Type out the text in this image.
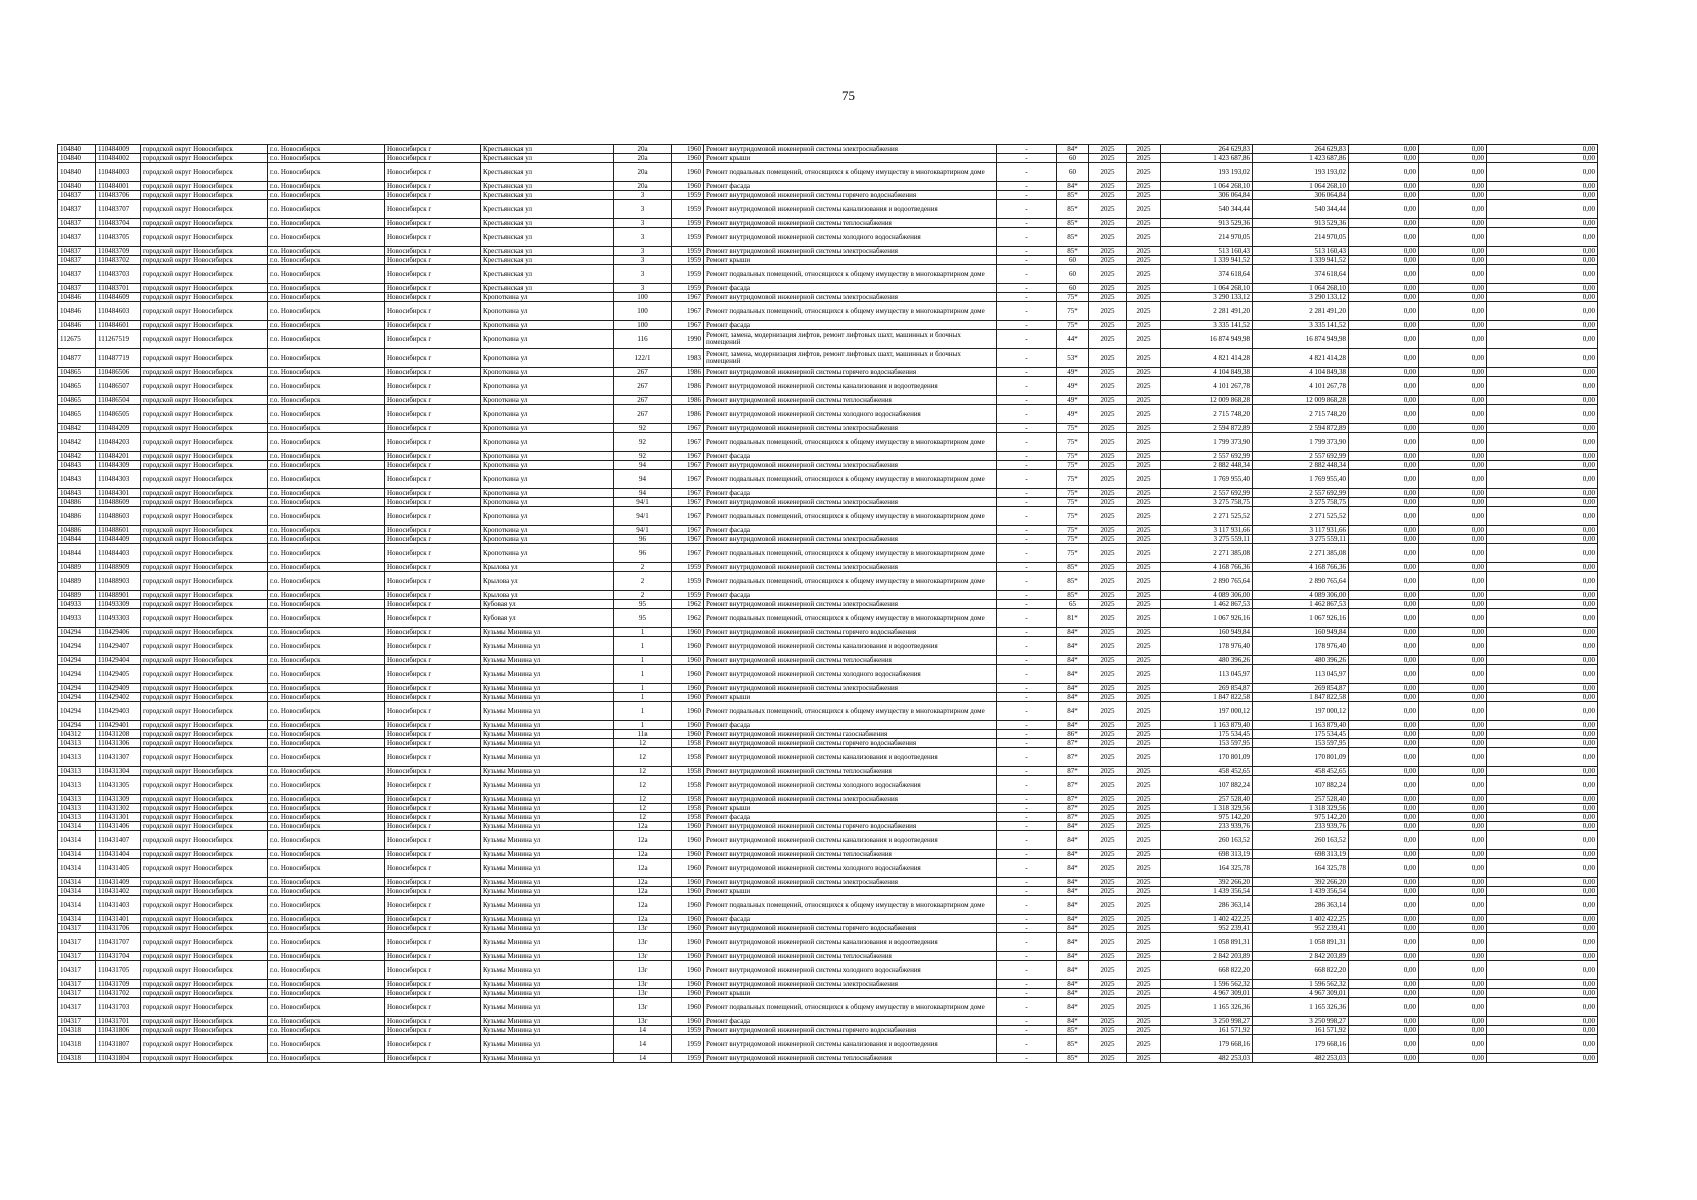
75
104840	110484009	городской округ Новосибирск	г.о. Новосибирск	Новосибирск г	Крестьянская ул	20а	1960	Ремонт внутридомовой инженерной системы электроснабжения	-	84*	2025	2025	264 629,83	264 629,83	0,00	0,00	0,00
104840	110484002	городской округ Новосибирск	г.о. Новосибирск	Новосибирск г	Крестьянская ул	20а	1960	Ремонт крыши	-	60	2025	2025	1 423 687,86	1 423 687,86	0,00	0,00	0,00
104840	110484003	городской округ Новосибирск	г.о. Новосибирск	Новосибирск г	Крестьянская ул	20а	1960	Ремонт подвальных помещений, относящихся к общему имуществу в многоквартирном доме	-	60	2025	2025	193 193,02	193 193,02	0,00	0,00	0,00
104840	110484001	городской округ Новосибирск	г.о. Новосибирск	Новосибирск г	Крестьянская ул	20а	1960	Ремонт фасада	-	84*	2025	2025	1 064 268,10	1 064 268,10	0,00	0,00	0,00
104837	110483706	городской округ Новосибирск	г.о. Новосибирск	Новосибирск г	Крестьянская ул	3	1959	Ремонт внутридомовой инженерной системы горячего водоснабжения	-	85*	2025	2025	306 064,84	306 064,84	0,00	0,00	0,00
104837	110483707	городской округ Новосибирск	г.о. Новосибирск	Новосибирск г	Крестьянская ул	3	1959	Ремонт внутридомовой инженерной системы канализования и водоотведения	-	85*	2025	2025	540 344,44	540 344,44	0,00	0,00	0,00
104837	110483704	городской округ Новосибирск	г.о. Новосибирск	Новосибирск г	Крестьянская ул	3	1959	Ремонт внутридомовой инженерной системы теплоснабжения	-	85*	2025	2025	913 529,36	913 529,36	0,00	0,00	0,00
104837	110483705	городской округ Новосибирск	г.о. Новосибирск	Новосибирск г	Крестьянская ул	3	1959	Ремонт внутридомовой инженерной системы холодного водоснабжения	-	85*	2025	2025	214 970,05	214 970,05	0,00	0,00	0,00
104837	110483709	городской округ Новосибирск	г.о. Новосибирск	Новосибирск г	Крестьянская ул	3	1959	Ремонт внутридомовой инженерной системы электроснабжения	-	85*	2025	2025	513 160,43	513 160,43	0,00	0,00	0,00
104837	110483702	городской округ Новосибирск	г.о. Новосибирск	Новосибирск г	Крестьянская ул	3	1959	Ремонт крыши	-	60	2025	2025	1 339 941,52	1 339 941,52	0,00	0,00	0,00
104837	110483703	городской округ Новосибирск	г.о. Новосибирск	Новосибирск г	Крестьянская ул	3	1959	Ремонт подвальных помещений, относящихся к общему имуществу в многоквартирном доме	-	60	2025	2025	374 618,64	374 618,64	0,00	0,00	0,00
104837	110483701	городской округ Новосибирск	г.о. Новосибирск	Новосибирск г	Крестьянская ул	3	1959	Ремонт фасада	-	60	2025	2025	1 064 268,10	1 064 268,10	0,00	0,00	0,00
104846	110484609	городской округ Новосибирск	г.о. Новосибирск	Новосибирск г	Кропоткина ул	100	1967	Ремонт внутридомовой инженерной системы электроснабжения	-	75*	2025	2025	3 290 133,12	3 290 133,12	0,00	0,00	0,00
104846	110484603	городской округ Новосибирск	г.о. Новосибирск	Новосибирск г	Кропоткина ул	100	1967	Ремонт подвальных помещений, относящихся к общему имуществу в многоквартирном доме	-	75*	2025	2025	2 281 491,20	2 281 491,20	0,00	0,00	0,00
104846	110484601	городской округ Новосибирск	г.о. Новосибирск	Новосибирск г	Кропоткина ул	100	1967	Ремонт фасада	-	75*	2025	2025	3 335 141,52	3 335 141,52	0,00	0,00	0,00
112675	111267519	городской округ Новосибирск	г.о. Новосибирск	Новосибирск г	Кропоткина ул	116	1990	Ремонт, замена, модернизация лифтов, ремонт лифтовых шахт, машинных и блочных помещений	-	44*	2025	2025	16 874 949,98	16 874 949,98	0,00	0,00	0,00
104877	110487719	городской округ Новосибирск	г.о. Новосибирск	Новосибирск г	Кропоткина ул	122/1	1983	Ремонт, замена, модернизация лифтов, ремонт лифтовых шахт, машинных и блочных помещений	-	53*	2025	2025	4 821 414,28	4 821 414,28	0,00	0,00	0,00
104865	110486506	городской округ Новосибирск	г.о. Новосибирск	Новосибирск г	Кропоткина ул	267	1986	Ремонт внутридомовой инженерной системы горячего водоснабжения	-	49*	2025	2025	4 104 849,38	4 104 849,38	0,00	0,00	0,00
104865	110486507	городской округ Новосибирск	г.о. Новосибирск	Новосибирск г	Кропоткина ул	267	1986	Ремонт внутридомовой инженерной системы канализования и водоотведения	-	49*	2025	2025	4 101 267,78	4 101 267,78	0,00	0,00	0,00
104865	110486504	городской округ Новосибирск	г.о. Новосибирск	Новосибирск г	Кропоткина ул	267	1986	Ремонт внутридомовой инженерной системы теплоснабжения	-	49*	2025	2025	12 009 868,28	12 009 868,28	0,00	0,00	0,00
104865	110486505	городской округ Новосибирск	г.о. Новосибирск	Новосибирск г	Кропоткина ул	267	1986	Ремонт внутридомовой инженерной системы холодного водоснабжения	-	49*	2025	2025	2 715 748,20	2 715 748,20	0,00	0,00	0,00
104842	110484209	городской округ Новосибирск	г.о. Новосибирск	Новосибирск г	Кропоткина ул	92	1967	Ремонт внутридомовой инженерной системы электроснабжения	-	75*	2025	2025	2 594 872,89	2 594 872,89	0,00	0,00	0,00
104842	110484203	городской округ Новосибирск	г.о. Новосибирск	Новосибирск г	Кропоткина ул	92	1967	Ремонт подвальных помещений, относящихся к общему имуществу в многоквартирном доме	-	75*	2025	2025	1 799 373,90	1 799 373,90	0,00	0,00	0,00
104842	110484201	городской округ Новосибирск	г.о. Новосибирск	Новосибирск г	Кропоткина ул	92	1967	Ремонт фасада	-	75*	2025	2025	2 557 692,99	2 557 692,99	0,00	0,00	0,00
104843	110484309	городской округ Новосибирск	г.о. Новосибирск	Новосибирск г	Кропоткина ул	94	1967	Ремонт внутридомовой инженерной системы электроснабжения	-	75*	2025	2025	2 882 448,34	2 882 448,34	0,00	0,00	0,00
104843	110484303	городской округ Новосибирск	г.о. Новосибирск	Новосибирск г	Кропоткина ул	94	1967	Ремонт подвальных помещений, относящихся к общему имуществу в многоквартирном доме	-	75*	2025	2025	1 769 955,40	1 769 955,40	0,00	0,00	0,00
104843	110484301	городской округ Новосибирск	г.о. Новосибирск	Новосибирск г	Кропоткина ул	94	1967	Ремонт фасада	-	75*	2025	2025	2 557 692,99	2 557 692,99	0,00	0,00	0,00
104886	110488609	городской округ Новосибирск	г.о. Новосибирск	Новосибирск г	Кропоткина ул	94/1	1967	Ремонт внутридомовой инженерной системы электроснабжения	-	75*	2025	2025	3 275 758,75	3 275 758,75	0,00	0,00	0,00
104886	110488603	городской округ Новосибирск	г.о. Новосибирск	Новосибирск г	Кропоткина ул	94/1	1967	Ремонт подвальных помещений, относящихся к общему имуществу в многоквартирном доме	-	75*	2025	2025	2 271 525,52	2 271 525,52	0,00	0,00	0,00
104886	110488601	городской округ Новосибирск	г.о. Новосибирск	Новосибирск г	Кропоткина ул	94/1	1967	Ремонт фасада	-	75*	2025	2025	3 117 931,66	3 117 931,66	0,00	0,00	0,00
104844	110484409	городской округ Новосибирск	г.о. Новосибирск	Новосибирск г	Кропоткина ул	96	1967	Ремонт внутридомовой инженерной системы электроснабжения	-	75*	2025	2025	3 275 559,11	3 275 559,11	0,00	0,00	0,00
104844	110484403	городской округ Новосибирск	г.о. Новосибирск	Новосибирск г	Кропоткина ул	96	1967	Ремонт подвальных помещений, относящихся к общему имуществу в многоквартирном доме	-	75*	2025	2025	2 271 385,08	2 271 385,08	0,00	0,00	0,00
104889	110488909	городской округ Новосибирск	г.о. Новосибирск	Новосибирск г	Крылова ул	2	1959	Ремонт внутридомовой инженерной системы электроснабжения	-	85*	2025	2025	4 168 766,36	4 168 766,36	0,00	0,00	0,00
104889	110488903	городской округ Новосибирск	г.о. Новосибирск	Новосибирск г	Крылова ул	2	1959	Ремонт подвальных помещений, относящихся к общему имуществу в многоквартирном доме	-	85*	2025	2025	2 890 765,64	2 890 765,64	0,00	0,00	0,00
104889	110488901	городской округ Новосибирск	г.о. Новосибирск	Новосибирск г	Крылова ул	2	1959	Ремонт фасада	-	85*	2025	2025	4 089 306,00	4 089 306,00	0,00	0,00	0,00
104933	110493309	городской округ Новосибирск	г.о. Новосибирск	Новосибирск г	Кубовая ул	95	1962	Ремонт внутридомовой инженерной системы электроснабжения	-	65	2025	2025	1 462 867,53	1 462 867,53	0,00	0,00	0,00
104933	110493303	городской округ Новосибирск	г.о. Новосибирск	Новосибирск г	Кубовая ул	95	1962	Ремонт подвальных помещений, относящихся к общему имуществу в многоквартирном доме	-	81*	2025	2025	1 067 926,16	1 067 926,16	0,00	0,00	0,00
104294	110429406	городской округ Новосибирск	г.о. Новосибирск	Новосибирск г	Кузьмы Минина ул	1	1960	Ремонт внутридомовой инженерной системы горячего водоснабжения	-	84*	2025	2025	160 949,84	160 949,84	0,00	0,00	0,00
104294	110429407	городской округ Новосибирск	г.о. Новосибирск	Новосибирск г	Кузьмы Минина ул	1	1960	Ремонт внутридомовой инженерной системы канализования и водоотведения	-	84*	2025	2025	178 976,40	178 976,40	0,00	0,00	0,00
104294	110429404	городской округ Новосибирск	г.о. Новосибирск	Новосибирск г	Кузьмы Минина ул	1	1960	Ремонт внутридомовой инженерной системы теплоснабжения	-	84*	2025	2025	480 396,26	480 396,26	0,00	0,00	0,00
104294	110429405	городской округ Новосибирск	г.о. Новосибирск	Новосибирск г	Кузьмы Минина ул	1	1960	Ремонт внутридомовой инженерной системы холодного водоснабжения	-	84*	2025	2025	113 045,97	113 045,97	0,00	0,00	0,00
104294	110429409	городской округ Новосибирск	г.о. Новосибирск	Новосибирск г	Кузьмы Минина ул	1	1960	Ремонт внутридомовой инженерной системы электроснабжения	-	84*	2025	2025	269 854,87	269 854,87	0,00	0,00	0,00
104294	110429402	городской округ Новосибирск	г.о. Новосибирск	Новосибирск г	Кузьмы Минина ул	1	1960	Ремонт крыши	-	84*	2025	2025	1 847 822,58	1 847 822,58	0,00	0,00	0,00
104294	110429403	городской округ Новосибирск	г.о. Новосибирск	Новосибирск г	Кузьмы Минина ул	1	1960	Ремонт подвальных помещений, относящихся к общему имуществу в многоквартирном доме	-	84*	2025	2025	197 000,12	197 000,12	0,00	0,00	0,00
104294	110429401	городской округ Новосибирск	г.о. Новосибирск	Новосибирск г	Кузьмы Минина ул	1	1960	Ремонт фасада	-	84*	2025	2025	1 163 879,40	1 163 879,40	0,00	0,00	0,00
104312	110431208	городской округ Новосибирск	г.о. Новосибирск	Новосибирск г	Кузьмы Минина ул	11в	1960	Ремонт внутридомовой инженерной системы газоснабжения	-	86*	2025	2025	175 534,45	175 534,45	0,00	0,00	0,00
104313	110431306	городской округ Новосибирск	г.о. Новосибирск	Новосибирск г	Кузьмы Минина ул	12	1958	Ремонт внутридомовой инженерной системы горячего водоснабжения	-	87*	2025	2025	153 597,95	153 597,95	0,00	0,00	0,00
104313	110431307	городской округ Новосибирск	г.о. Новосибирск	Новосибирск г	Кузьмы Минина ул	12	1958	Ремонт внутридомовой инженерной системы канализования и водоотведения	-	87*	2025	2025	170 801,09	170 801,09	0,00	0,00	0,00
104313	110431304	городской округ Новосибирск	г.о. Новосибирск	Новосибирск г	Кузьмы Минина ул	12	1958	Ремонт внутридомовой инженерной системы теплоснабжения	-	87*	2025	2025	458 452,65	458 452,65	0,00	0,00	0,00
104313	110431305	городской округ Новосибирск	г.о. Новосибирск	Новосибирск г	Кузьмы Минина ул	12	1958	Ремонт внутридомовой инженерной системы холодного водоснабжения	-	87*	2025	2025	107 882,24	107 882,24	0,00	0,00	0,00
104313	110431309	городской округ Новосибирск	г.о. Новосибирск	Новосибирск г	Кузьмы Минина ул	12	1958	Ремонт внутридомовой инженерной системы электроснабжения	-	87*	2025	2025	257 528,40	257 528,40	0,00	0,00	0,00
104313	110431302	городской округ Новосибирск	г.о. Новосибирск	Новосибирск г	Кузьмы Минина ул	12	1958	Ремонт крыши	-	87*	2025	2025	1 318 329,56	1 318 329,56	0,00	0,00	0,00
104313	110431301	городской округ Новосибирск	г.о. Новосибирск	Новосибирск г	Кузьмы Минина ул	12	1958	Ремонт фасада	-	87*	2025	2025	975 142,20	975 142,20	0,00	0,00	0,00
104314	110431406	городской округ Новосибирск	г.о. Новосибирск	Новосибирск г	Кузьмы Минина ул	12а	1960	Ремонт внутридомовой инженерной системы горячего водоснабжения	-	84*	2025	2025	233 939,76	233 939,76	0,00	0,00	0,00
104314	110431407	городской округ Новосибирск	г.о. Новосибирск	Новосибирск г	Кузьмы Минина ул	12а	1960	Ремонт внутридомовой инженерной системы канализования и водоотведения	-	84*	2025	2025	260 163,52	260 163,52	0,00	0,00	0,00
104314	110431404	городской округ Новосибирск	г.о. Новосибирск	Новосибирск г	Кузьмы Минина ул	12а	1960	Ремонт внутридомовой инженерной системы теплоснабжения	-	84*	2025	2025	698 313,19	698 313,19	0,00	0,00	0,00
104314	110431405	городской округ Новосибирск	г.о. Новосибирск	Новосибирск г	Кузьмы Минина ул	12а	1960	Ремонт внутридомовой инженерной системы холодного водоснабжения	-	84*	2025	2025	164 325,78	164 325,78	0,00	0,00	0,00
104314	110431409	городской округ Новосибирск	г.о. Новосибирск	Новосибирск г	Кузьмы Минина ул	12а	1960	Ремонт внутридомовой инженерной системы электроснабжения	-	84*	2025	2025	392 266,20	392 266,20	0,00	0,00	0,00
104314	110431402	городской округ Новосибирск	г.о. Новосибирск	Новосибирск г	Кузьмы Минина ул	12а	1960	Ремонт крыши	-	84*	2025	2025	1 439 356,54	1 439 356,54	0,00	0,00	0,00
104314	110431403	городской округ Новосибирск	г.о. Новосибирск	Новосибирск г	Кузьмы Минина ул	12а	1960	Ремонт подвальных помещений, относящихся к общему имуществу в многоквартирном доме	-	84*	2025	2025	286 363,14	286 363,14	0,00	0,00	0,00
104314	110431401	городской округ Новосибирск	г.о. Новосибирск	Новосибирск г	Кузьмы Минина ул	12а	1960	Ремонт фасада	-	84*	2025	2025	1 402 422,25	1 402 422,25	0,00	0,00	0,00
104317	110431706	городской округ Новосибирск	г.о. Новосибирск	Новосибирск г	Кузьмы Минина ул	13г	1960	Ремонт внутридомовой инженерной системы горячего водоснабжения	-	84*	2025	2025	952 239,41	952 239,41	0,00	0,00	0,00
104317	110431707	городской округ Новосибирск	г.о. Новосибирск	Новосибирск г	Кузьмы Минина ул	13г	1960	Ремонт внутридомовой инженерной системы канализования и водоотведения	-	84*	2025	2025	1 058 891,31	1 058 891,31	0,00	0,00	0,00
104317	110431704	городской округ Новосибирск	г.о. Новосибирск	Новосибирск г	Кузьмы Минина ул	13г	1960	Ремонт внутридомовой инженерной системы теплоснабжения	-	84*	2025	2025	2 842 203,89	2 842 203,89	0,00	0,00	0,00
104317	110431705	городской округ Новосибирск	г.о. Новосибирск	Новосибирск г	Кузьмы Минина ул	13г	1960	Ремонт внутридомовой инженерной системы холодного водоснабжения	-	84*	2025	2025	668 822,20	668 822,20	0,00	0,00	0,00
104317	110431709	городской округ Новосибирск	г.о. Новосибирск	Новосибирск г	Кузьмы Минина ул	13г	1960	Ремонт внутридомовой инженерной системы электроснабжения	-	84*	2025	2025	1 596 562,32	1 596 562,32	0,00	0,00	0,00
104317	110431702	городской округ Новосибирск	г.о. Новосибирск	Новосибирск г	Кузьмы Минина ул	13г	1960	Ремонт крыши	-	84*	2025	2025	4 967 309,01	4 967 309,01	0,00	0,00	0,00
104317	110431703	городской округ Новосибирск	г.о. Новосибирск	Новосибирск г	Кузьмы Минина ул	13г	1960	Ремонт подвальных помещений, относящихся к общему имуществу в многоквартирном доме	-	84*	2025	2025	1 165 326,36	1 165 326,36	0,00	0,00	0,00
104317	110431701	городской округ Новосибирск	г.о. Новосибирск	Новосибирск г	Кузьмы Минина ул	13г	1960	Ремонт фасада	-	84*	2025	2025	3 250 998,27	3 250 998,27	0,00	0,00	0,00
104318	110431806	городской округ Новосибирск	г.о. Новосибирск	Новосибирск г	Кузьмы Минина ул	14	1959	Ремонт внутридомовой инженерной системы горячего водоснабжения	-	85*	2025	2025	161 571,92	161 571,92	0,00	0,00	0,00
104318	110431807	городской округ Новосибирск	г.о. Новосибирск	Новосибирск г	Кузьмы Минина ул	14	1959	Ремонт внутридомовой инженерной системы канализования и водоотведения	-	85*	2025	2025	179 668,16	179 668,16	0,00	0,00	0,00
104318	110431804	городской округ Новосибирск	г.о. Новосибирск	Новосибирск г	Кузьмы Минина ул	14	1959	Ремонт внутридомовой инженерной системы теплоснабжения	-	85*	2025	2025	482 253,03	482 253,03	0,00	0,00	0,00
